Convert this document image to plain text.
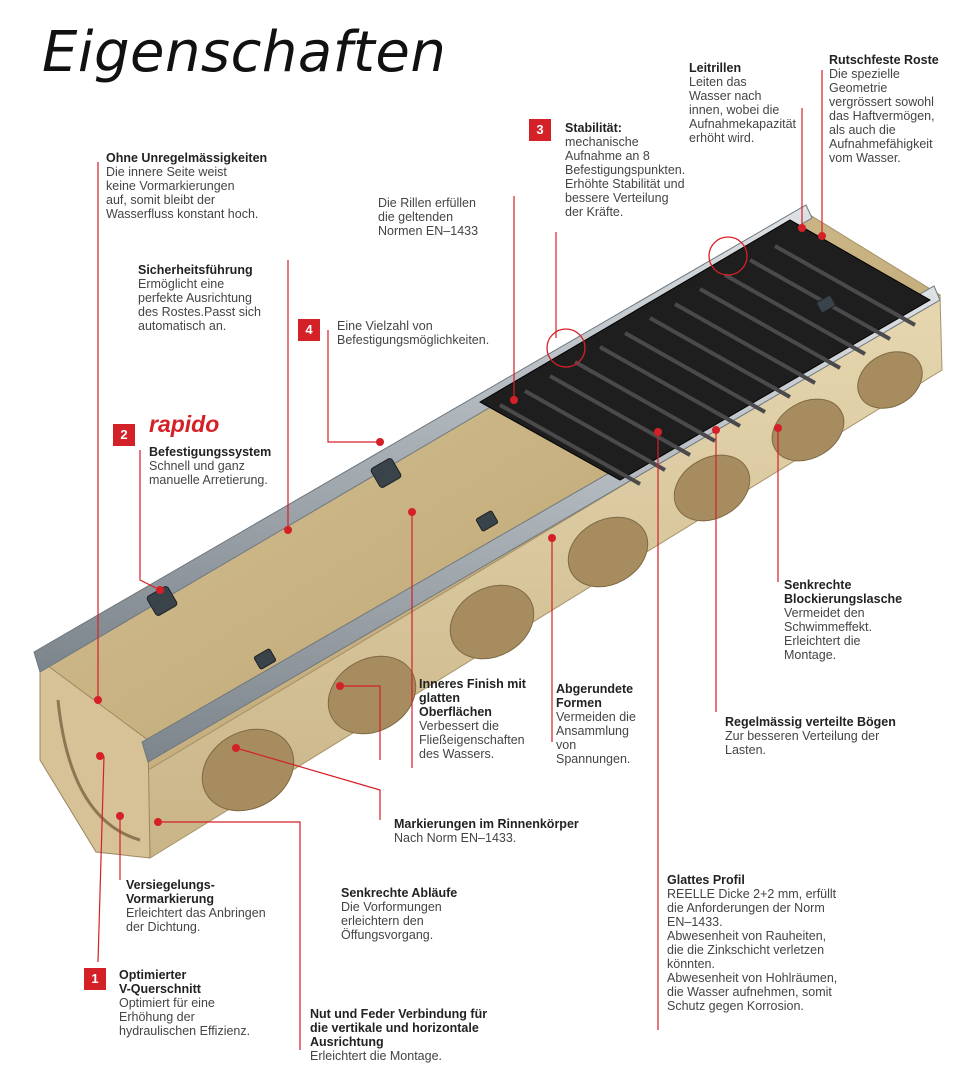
Eigenschaften
2
4
3
1
rapido
Ohne Unregelmässigkeiten
Die innere Seite weist
keine Vormarkierungen
auf, somit bleibt der
Wasserfluss konstant hoch.
Sicherheitsführung
Ermöglicht eine
perfekte Ausrichtung
des Rostes.Passt sich
automatisch an.
Befestigungssystem
Schnell und ganz
manuelle Arretierung.
Die Rillen erfüllen
die geltenden
Normen EN–1433
Eine Vielzahl von
Befestigungsmöglichkeiten.
Stabilität:
mechanische
Aufnahme an 8
Befestigungspunkten.
Erhöhte Stabilität und
bessere Verteilung
der Kräfte.
Leitrillen
Leiten das
Wasser nach
innen, wobei die
Aufnahmekapazität
erhöht wird.
Rutschfeste Roste
Die spezielle
Geometrie
vergrössert sowohl
das Haftvermögen,
als auch die
Aufnahmefähigkeit
vom Wasser.
Senkrechte
Blockierungslasche
Vermeidet den
Schwimmeffekt.
Erleichtert die
Montage.
Inneres Finish mit
glatten
Oberflächen
Verbessert die
Fließeigenschaften
des Wassers.
Abgerundete
Formen
Vermeiden die
Ansammlung
von
Spannungen.
Regelmässig verteilte Bögen
Zur besseren Verteilung der
Lasten.
Markierungen im Rinnenkörper
Nach Norm EN–1433.
Versiegelungs-
Vormarkierung
Erleichtert das Anbringen
der Dichtung.
Senkrechte Abläufe
Die Vorformungen
erleichtern den
Öffungsvorgang.
Glattes Profil
REELLE Dicke 2+2 mm, erfüllt
die Anforderungen der Norm
EN–1433.
Abwesenheit von Rauheiten,
die die Zinkschicht verletzen
könnten.
Abwesenheit von Hohlräumen,
die Wasser aufnehmen, somit
Schutz gegen Korrosion.
Optimierter
V-Querschnitt
Optimiert für eine
Erhöhung der
hydraulischen Effizienz.
Nut und Feder Verbindung für
die vertikale und horizontale
Ausrichtung
Erleichtert die Montage.
